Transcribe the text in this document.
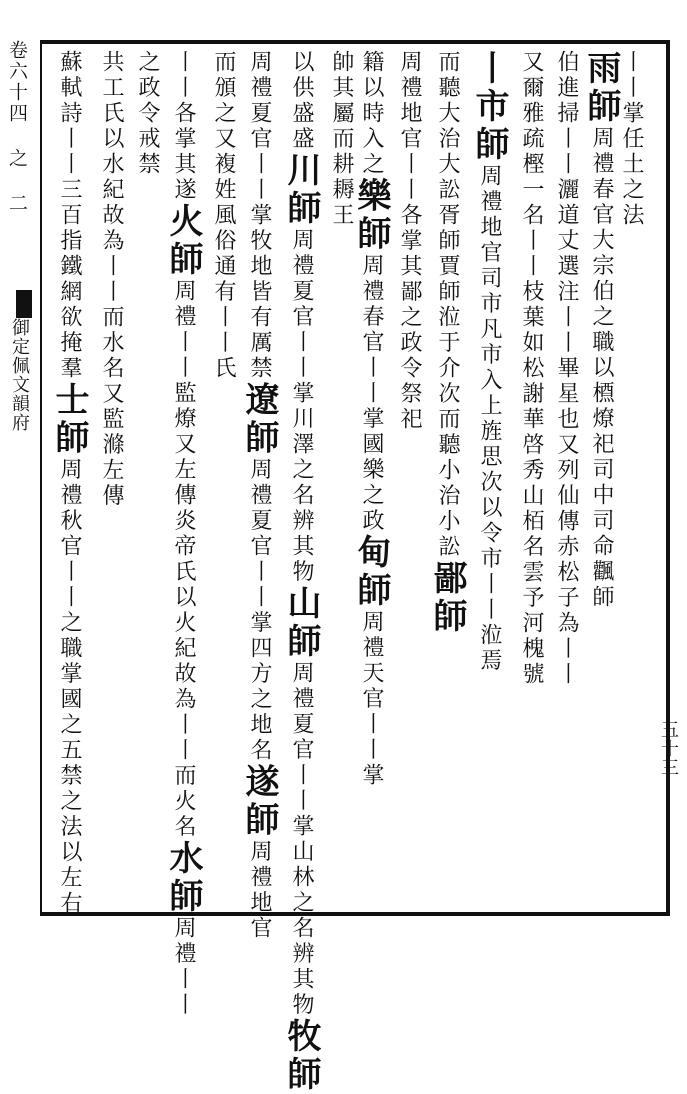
卷六十四 之 二
御定佩文韻府
五十三
丨丨掌任土之法
雨師周禮春官大宗伯之職以槱燎祀司中司命飌師
伯進掃丨丨灑道丈選注丨丨畢星也又列仙傳赤松子為丨丨
又爾雅疏樫一名丨丨枝葉如松謝華啓秀山栢名雲予河槐號
丨市師周禮地官司市凡市入上旌思次以令市丨丨涖焉
而聽大治大訟胥師賈師涖于介次而聽小治小訟鄙師
周禮地官丨丨各掌其鄙之政令祭祀
籍以時入之樂師周禮春官丨丨掌國樂之政甸師周禮天官丨丨掌
帥其屬而耕耨王
以供盛盛川師周禮夏官丨丨掌川澤之名辨其物山師周禮夏官丨丨掌山林之名辨其物牧師
周禮夏官丨丨掌牧地皆有厲禁遼師周禮夏官丨丨掌四方之地名遂師周禮地官
而頒之又複姓風俗通有丨丨氏
丨丨各掌其遂火師周禮丨丨監燎又左傳炎帝氏以火紀故為丨丨而火名水師周禮丨丨
之政令戒禁
共工氏以水紀故為丨丨而水名又監滌左傳
蘇軾詩丨丨三百指鐵網欲掩羣士師周禮秋官丨丨之職掌國之五禁之法以左右
